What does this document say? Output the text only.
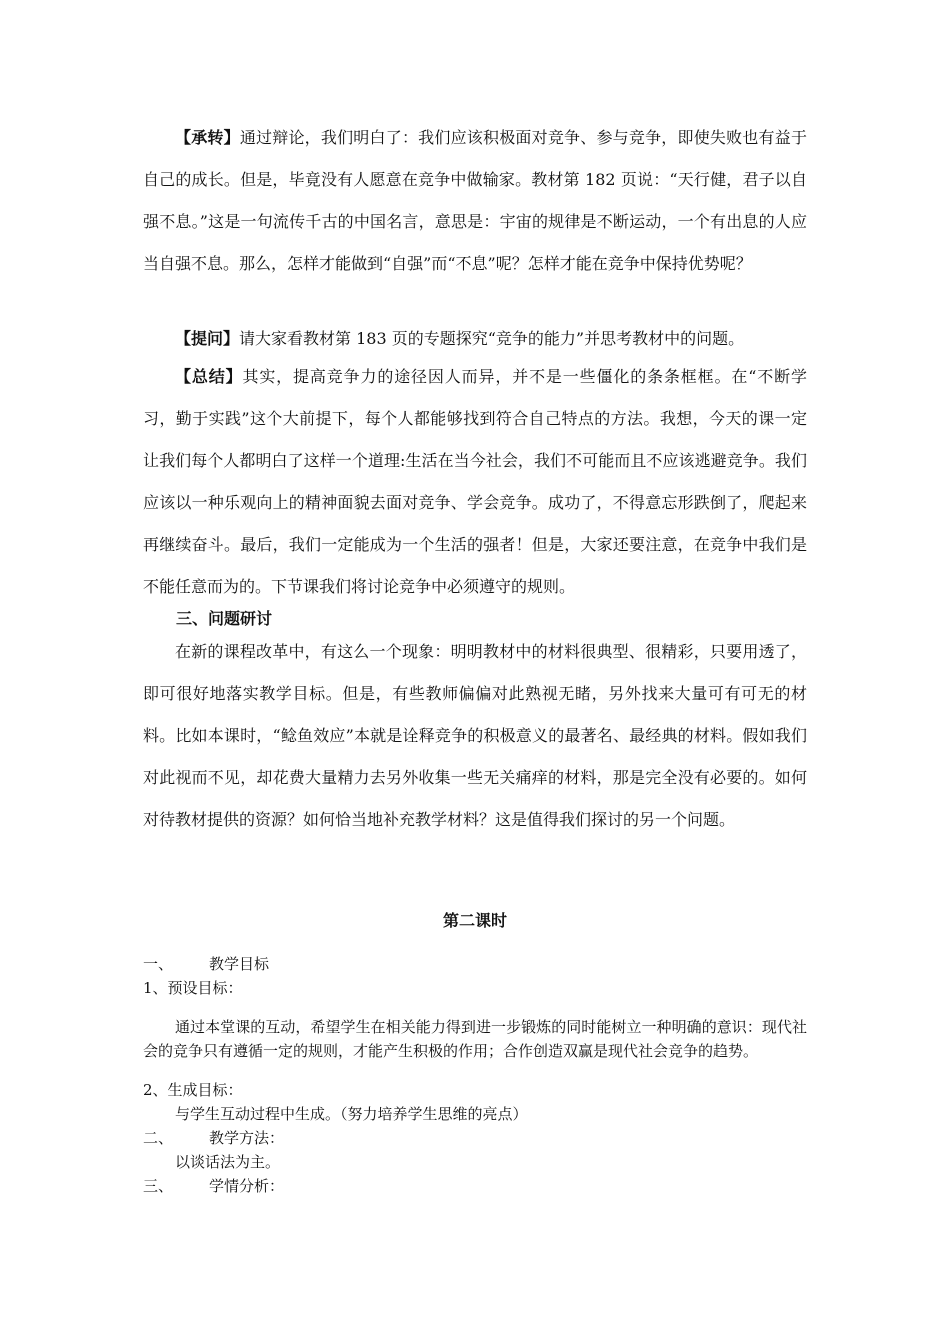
【承转】通过辩论，我们明白了：我们应该积极面对竞争、参与竞争，即使失败也有益于自己的成长。但是，毕竟没有人愿意在竞争中做输家。教材第 182 页说：“天行健，君子以自强不息。”这是一句流传千古的中国名言，意思是：宇宙的规律是不断运动，一个有出息的人应当自强不息。那么，怎样才能做到“自强”而“不息”呢？怎样才能在竞争中保持优势呢？

【提问】请大家看教材第 183 页的专题探究“竞争的能力”并思考教材中的问题。

【总结】其实，提高竞争力的途径因人而异，并不是一些僵化的条条框框。在“不断学习，勤于实践”这个大前提下，每个人都能够找到符合自己特点的方法。我想，今天的课一定让我们每个人都明白了这样一个道理:生活在当今社会，我们不可能而且不应该逃避竞争。我们应该以一种乐观向上的精神面貌去面对竞争、学会竞争。成功了，不得意忘形跌倒了，爬起来再继续奋斗。最后，我们一定能成为一个生活的强者！但是，大家还要注意，在竞争中我们是不能任意而为的。下节课我们将讨论竞争中必须遵守的规则。

三、问题研讨

在新的课程改革中，有这么一个现象：明明教材中的材料很典型、很精彩，只要用透了，即可很好地落实教学目标。但是，有些教师偏偏对此熟视无睹，另外找来大量可有可无的材料。比如本课时，“鲶鱼效应”本就是诠释竞争的积极意义的最著名、最经典的材料。假如我们对此视而不见，却花费大量精力去另外收集一些无关痛痒的材料，那是完全没有必要的。如何对待教材提供的资源？如何恰当地补充教学材料？这是值得我们探讨的另一个问题。

第二课时

一、 教学目标

1、预设目标：

通过本堂课的互动，希望学生在相关能力得到进一步锻炼的同时能树立一种明确的意识：现代社会的竞争只有遵循一定的规则，才能产生积极的作用；合作创造双赢是现代社会竞争的趋势。

2、生成目标：

与学生互动过程中生成。（努力培养学生思维的亮点）

二、 教学方法：

以谈话法为主。

三、 学情分析：
